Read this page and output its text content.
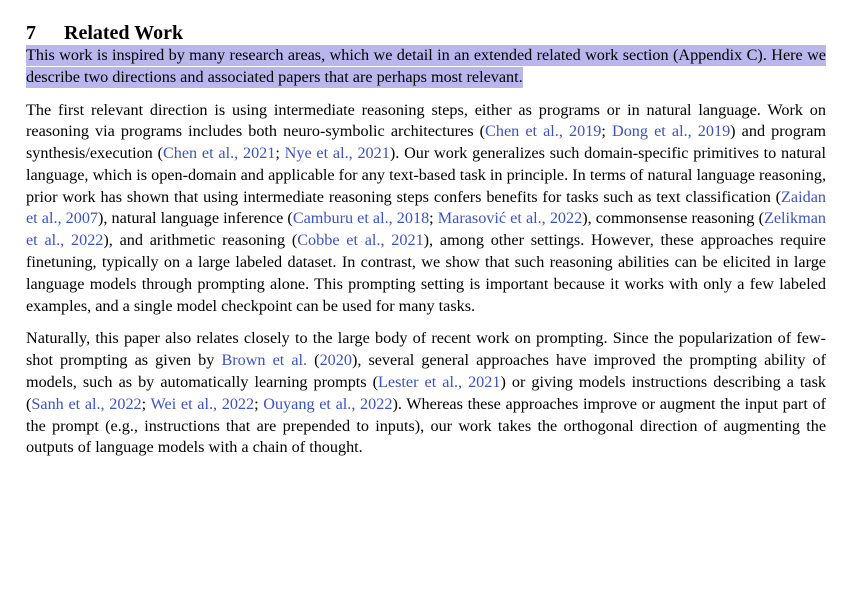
7	Related Work

This work is inspired by many research areas, which we detail in an extended related work section (Appendix C). Here we describe two directions and associated papers that are perhaps most relevant.

The first relevant direction is using intermediate reasoning steps, either as programs or in natural language. Work on reasoning via programs includes both neuro-symbolic architectures (Chen et al., 2019; Dong et al., 2019) and program synthesis/execution (Chen et al., 2021; Nye et al., 2021). Our work generalizes such domain-specific primitives to natural language, which is open-domain and applicable for any text-based task in principle. In terms of natural language reasoning, prior work has shown that using intermediate reasoning steps confers benefits for tasks such as text classification (Zaidan et al., 2007), natural language inference (Camburu et al., 2018; Marasović et al., 2022), commonsense reasoning (Zelikman et al., 2022), and arithmetic reasoning (Cobbe et al., 2021), among other settings. However, these approaches require finetuning, typically on a large labeled dataset. In contrast, we show that such reasoning abilities can be elicited in large language models through prompting alone. This prompting setting is important because it works with only a few labeled examples, and a single model checkpoint can be used for many tasks.

Naturally, this paper also relates closely to the large body of recent work on prompting. Since the popularization of few-shot prompting as given by Brown et al. (2020), several general approaches have improved the prompting ability of models, such as by automatically learning prompts (Lester et al., 2021) or giving models instructions describing a task (Sanh et al., 2022; Wei et al., 2022; Ouyang et al., 2022). Whereas these approaches improve or augment the input part of the prompt (e.g., instructions that are prepended to inputs), our work takes the orthogonal direction of augmenting the outputs of language models with a chain of thought.
